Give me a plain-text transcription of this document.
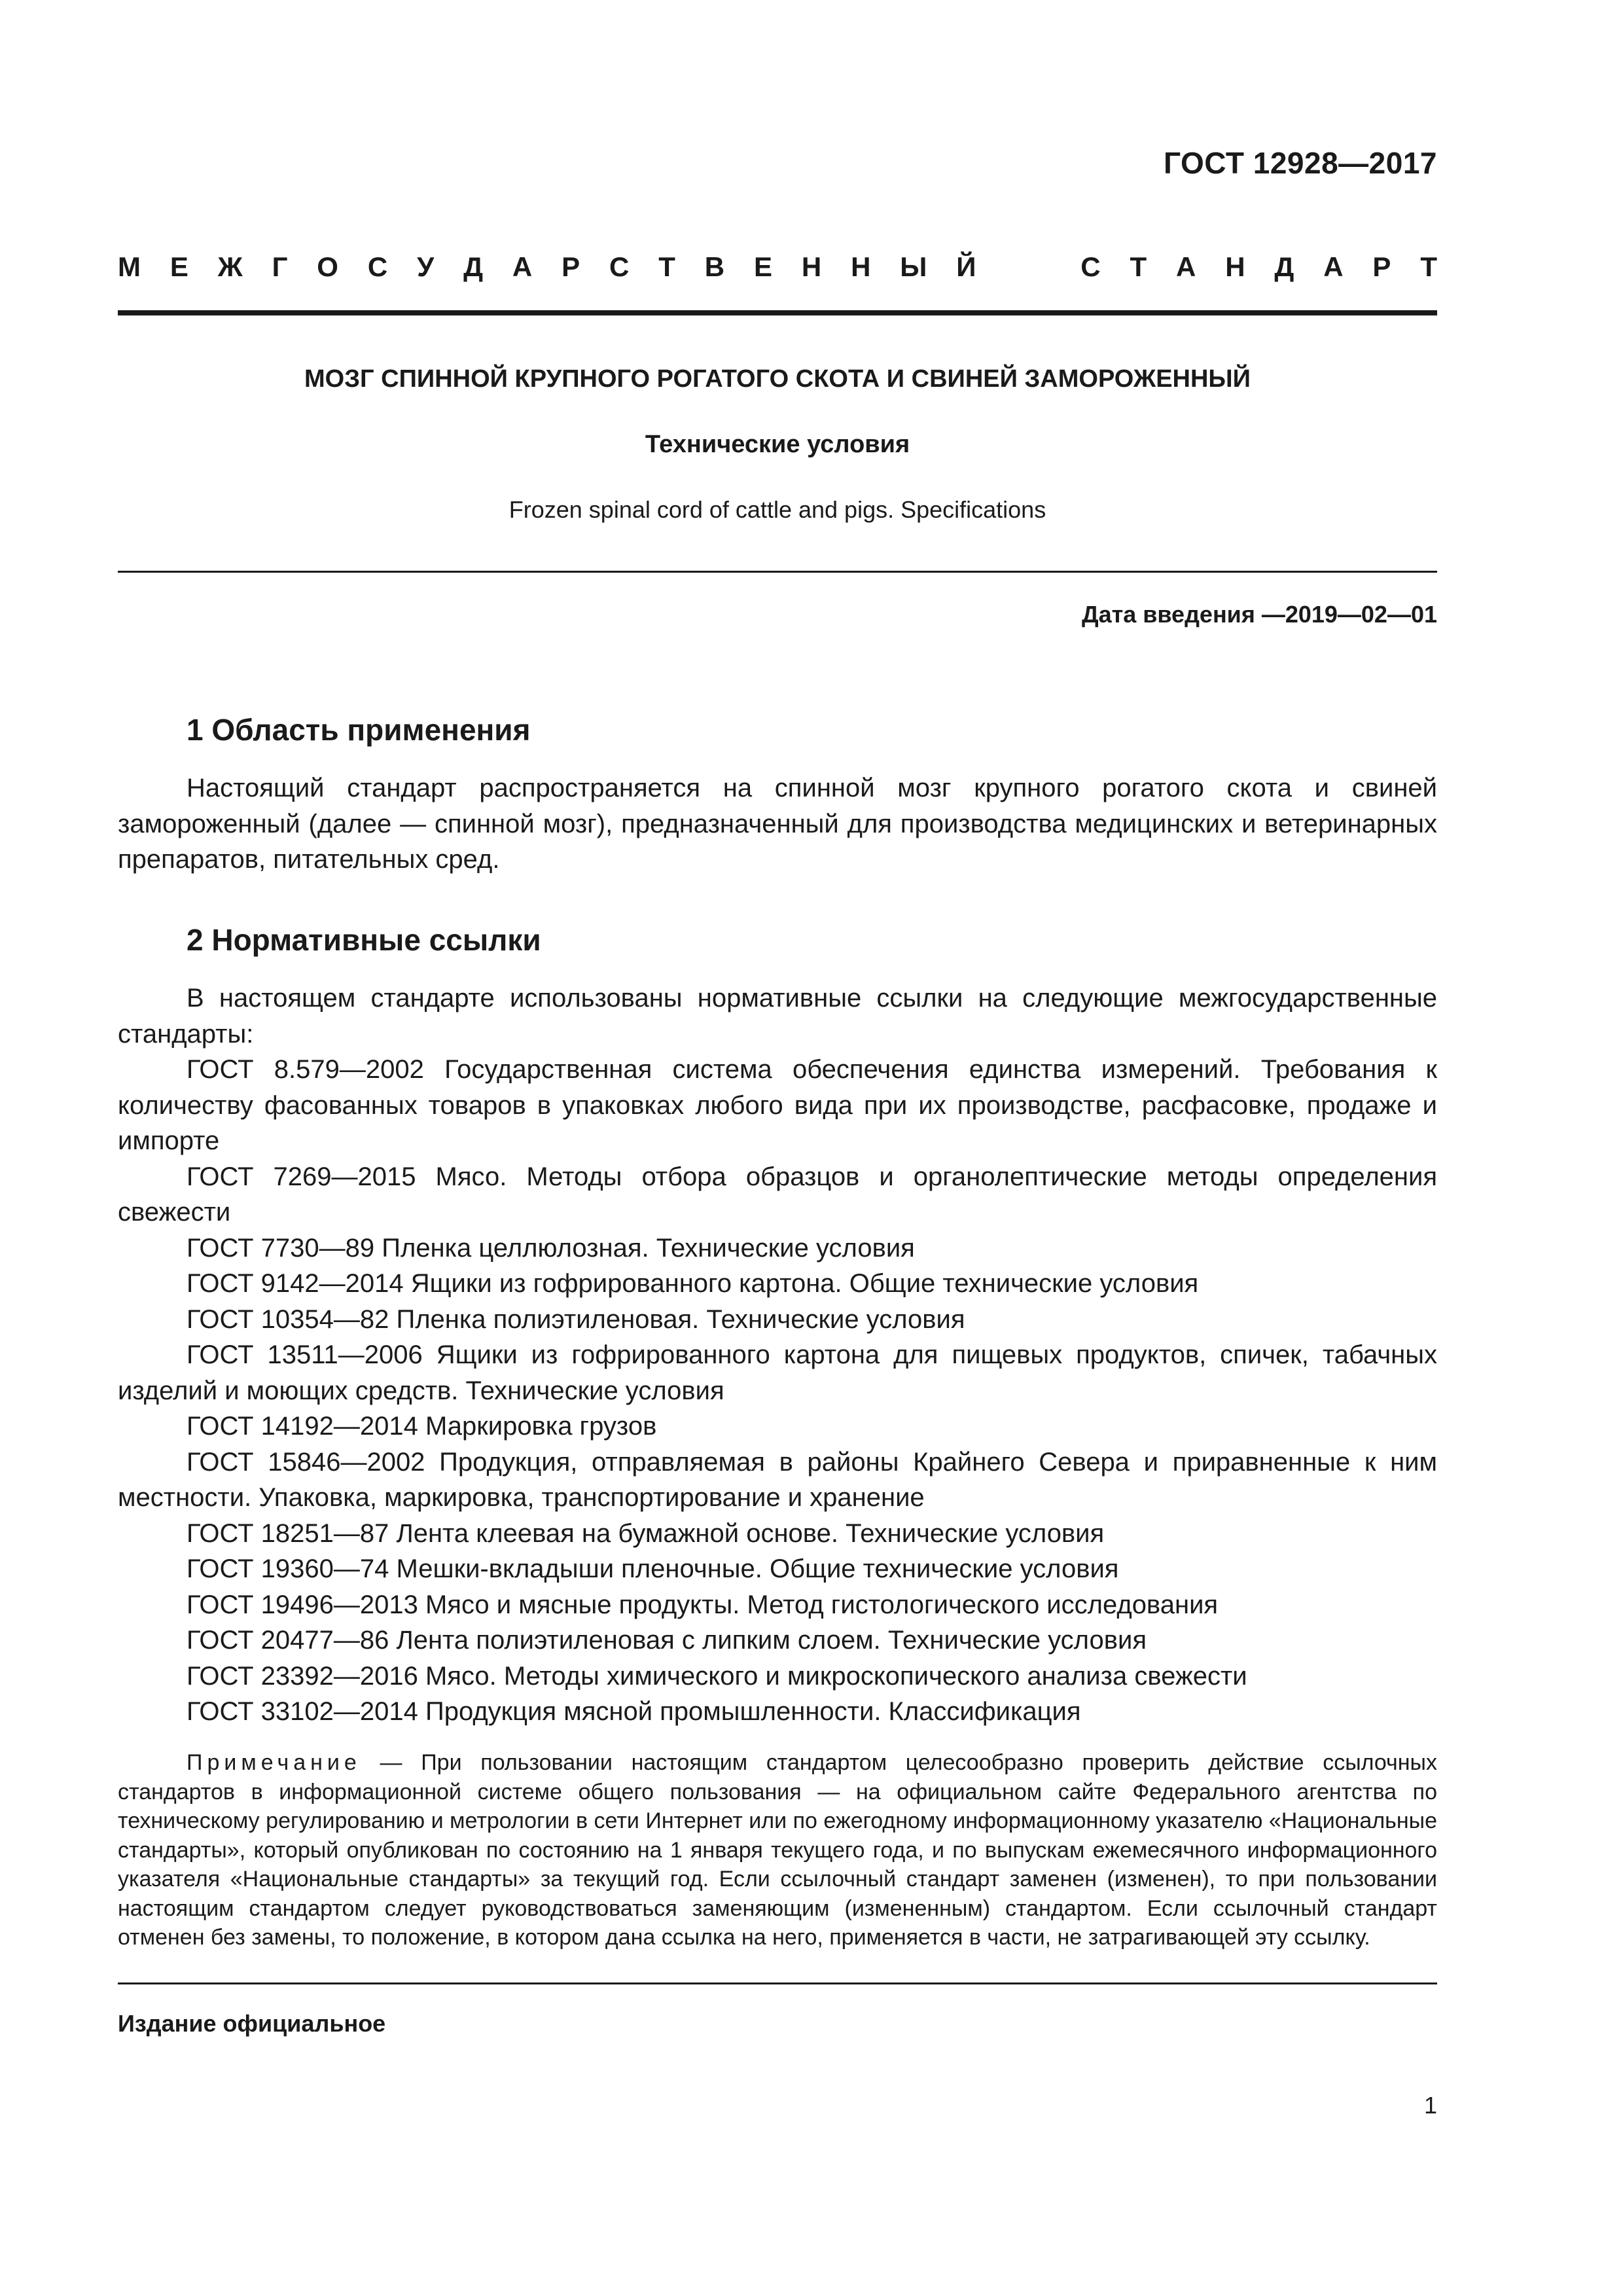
ГОСТ 12928—2017
М Е Ж Г О С У Д А Р С Т В Е Н Н Ы Й	С Т А Н Д А Р Т
МОЗГ СПИННОЙ КРУПНОГО РОГАТОГО СКОТА И СВИНЕЙ ЗАМОРОЖЕННЫЙ
Технические условия
Frozen spinal cord of cattle and pigs. Specifications
Дата введения —2019—02—01
1 Область применения

Настоящий стандарт распространяется на спинной мозг крупного рогатого скота и свиней замороженный (далее — спинной мозг), предназначенный для производства медицинских и ветеринарных препаратов, питательных сред.

2 Нормативные ссылки

В настоящем стандарте использованы нормативные ссылки на следующие межгосударственные стандарты:

ГОСТ 8.579—2002 Государственная система обеспечения единства измерений. Требования к количеству фасованных товаров в упаковках любого вида при их производстве, расфасовке, продаже и импорте

ГОСТ 7269—2015 Мясо. Методы отбора образцов и органолептические методы определения свежести

ГОСТ 7730—89 Пленка целлюлозная. Технические условия

ГОСТ 9142—2014 Ящики из гофрированного картона. Общие технические условия

ГОСТ 10354—82 Пленка полиэтиленовая. Технические условия

ГОСТ 13511—2006 Ящики из гофрированного картона для пищевых продуктов, спичек, табачных изделий и моющих средств. Технические условия

ГОСТ 14192—2014 Маркировка грузов

ГОСТ 15846—2002 Продукция, отправляемая в районы Крайнего Севера и приравненные к ним местности. Упаковка, маркировка, транспортирование и хранение

ГОСТ 18251—87 Лента клеевая на бумажной основе. Технические условия

ГОСТ 19360—74 Мешки-вкладыши пленочные. Общие технические условия

ГОСТ 19496—2013 Мясо и мясные продукты. Метод гистологического исследования

ГОСТ 20477—86 Лента полиэтиленовая с липким слоем. Технические условия

ГОСТ 23392—2016 Мясо. Методы химического и микроскопического анализа свежести

ГОСТ 33102—2014 Продукция мясной промышленности. Классификация

Примечание — При пользовании настоящим стандартом целесообразно проверить действие ссылочных стандартов в информационной системе общего пользования — на официальном сайте Федерального агентства по техническому регулированию и метрологии в сети Интернет или по ежегодному информационному указателю «Национальные стандарты», который опубликован по состоянию на 1 января текущего года, и по выпускам ежемесячного информационного указателя «Национальные стандарты» за текущий год. Если ссылочный стандарт заменен (изменен), то при пользовании настоящим стандартом следует руководствоваться заменяющим (измененным) стандартом. Если ссылочный стандарт отменен без замены, то положение, в котором дана ссылка на него, применяется в части, не затрагивающей эту ссылку.
Издание официальное
1
